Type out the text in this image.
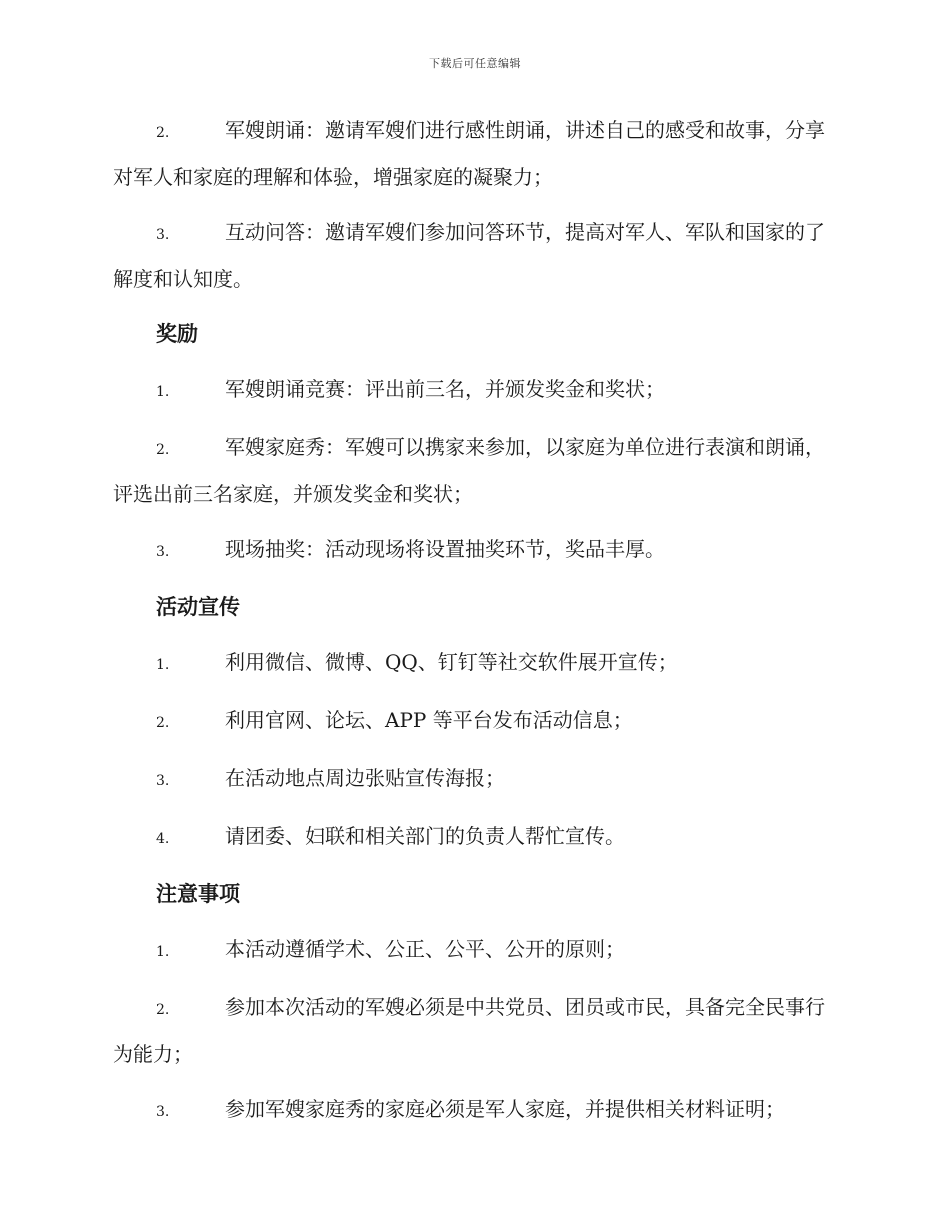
下载后可任意编辑

2.	军嫂朗诵：邀请军嫂们进行感性朗诵，讲述自己的感受和故事，分享对军人和家庭的理解和体验，增强家庭的凝聚力；

3.	互动问答：邀请军嫂们参加问答环节，提高对军人、军队和国家的了解度和认知度。

奖励

1.	军嫂朗诵竞赛：评出前三名，并颁发奖金和奖状；

2.	军嫂家庭秀：军嫂可以携家来参加，以家庭为单位进行表演和朗诵，评选出前三名家庭，并颁发奖金和奖状；

3.	现场抽奖：活动现场将设置抽奖环节，奖品丰厚。

活动宣传

1.	利用微信、微博、QQ、钉钉等社交软件展开宣传；

2.	利用官网、论坛、APP 等平台发布活动信息；

3.	在活动地点周边张贴宣传海报；

4.	请团委、妇联和相关部门的负责人帮忙宣传。

注意事项

1.	本活动遵循学术、公正、公平、公开的原则；

2.	参加本次活动的军嫂必须是中共党员、团员或市民，具备完全民事行为能力；

3.	参加军嫂家庭秀的家庭必须是军人家庭，并提供相关材料证明；
